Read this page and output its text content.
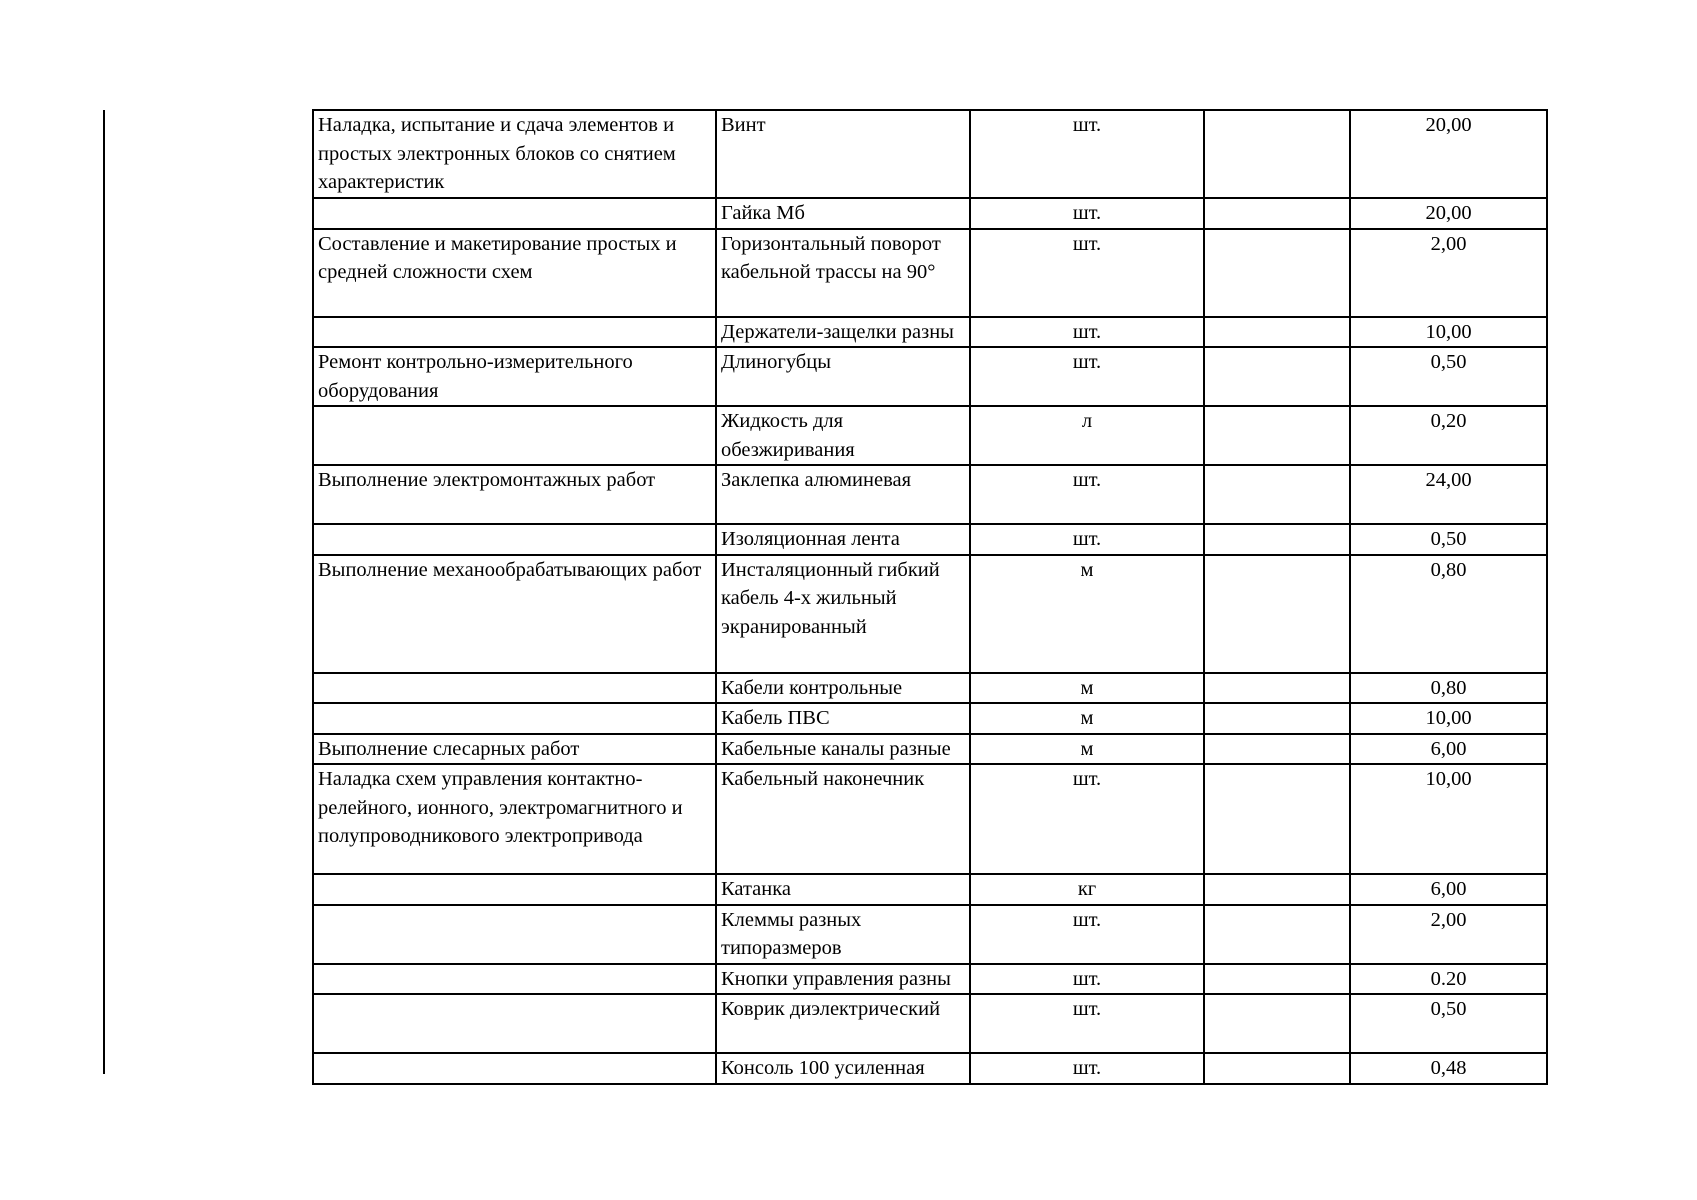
Наладка, испытание и сдача элементов и простых электронных блоков со снятием характеристик	Винт	шт.		20,00

	Гайка Мб	шт.		20,00

Составление и макетирование простых и средней сложности схем	Горизонтальный поворот кабельной трассы на 90°	шт.		2,00

	Держатели-защелки разны	шт.		10,00

Ремонт контрольно-измерительного оборудования	Длиногубцы	шт.		0,50

	Жидкость для обезжиривания	л		0,20

Выполнение электромонтажных работ	Заклепка алюминевая	шт.		24,00

	Изоляционная лента	шт.		0,50

Выполнение механообрабатывающих работ	Инсталяционный гибкий кабель 4-х жильный экранированный	м		0,80

	Кабели контрольные	м		0,80

	Кабель ПВС	м		10,00

Выполнение слесарных работ	Кабельные каналы разные	м		6,00

Наладка схем управления контактно-релейного, ионного, электромагнитного и полупроводникового электропривода	Кабельный наконечник	шт.		10,00

	Катанка	кг		6,00

	Клеммы разных типоразмеров	шт.		2,00

	Кнопки управления разны	шт.		0.20

	Коврик диэлектрический	шт.		0,50

	Консоль 100 усиленная	шт.		0,48
